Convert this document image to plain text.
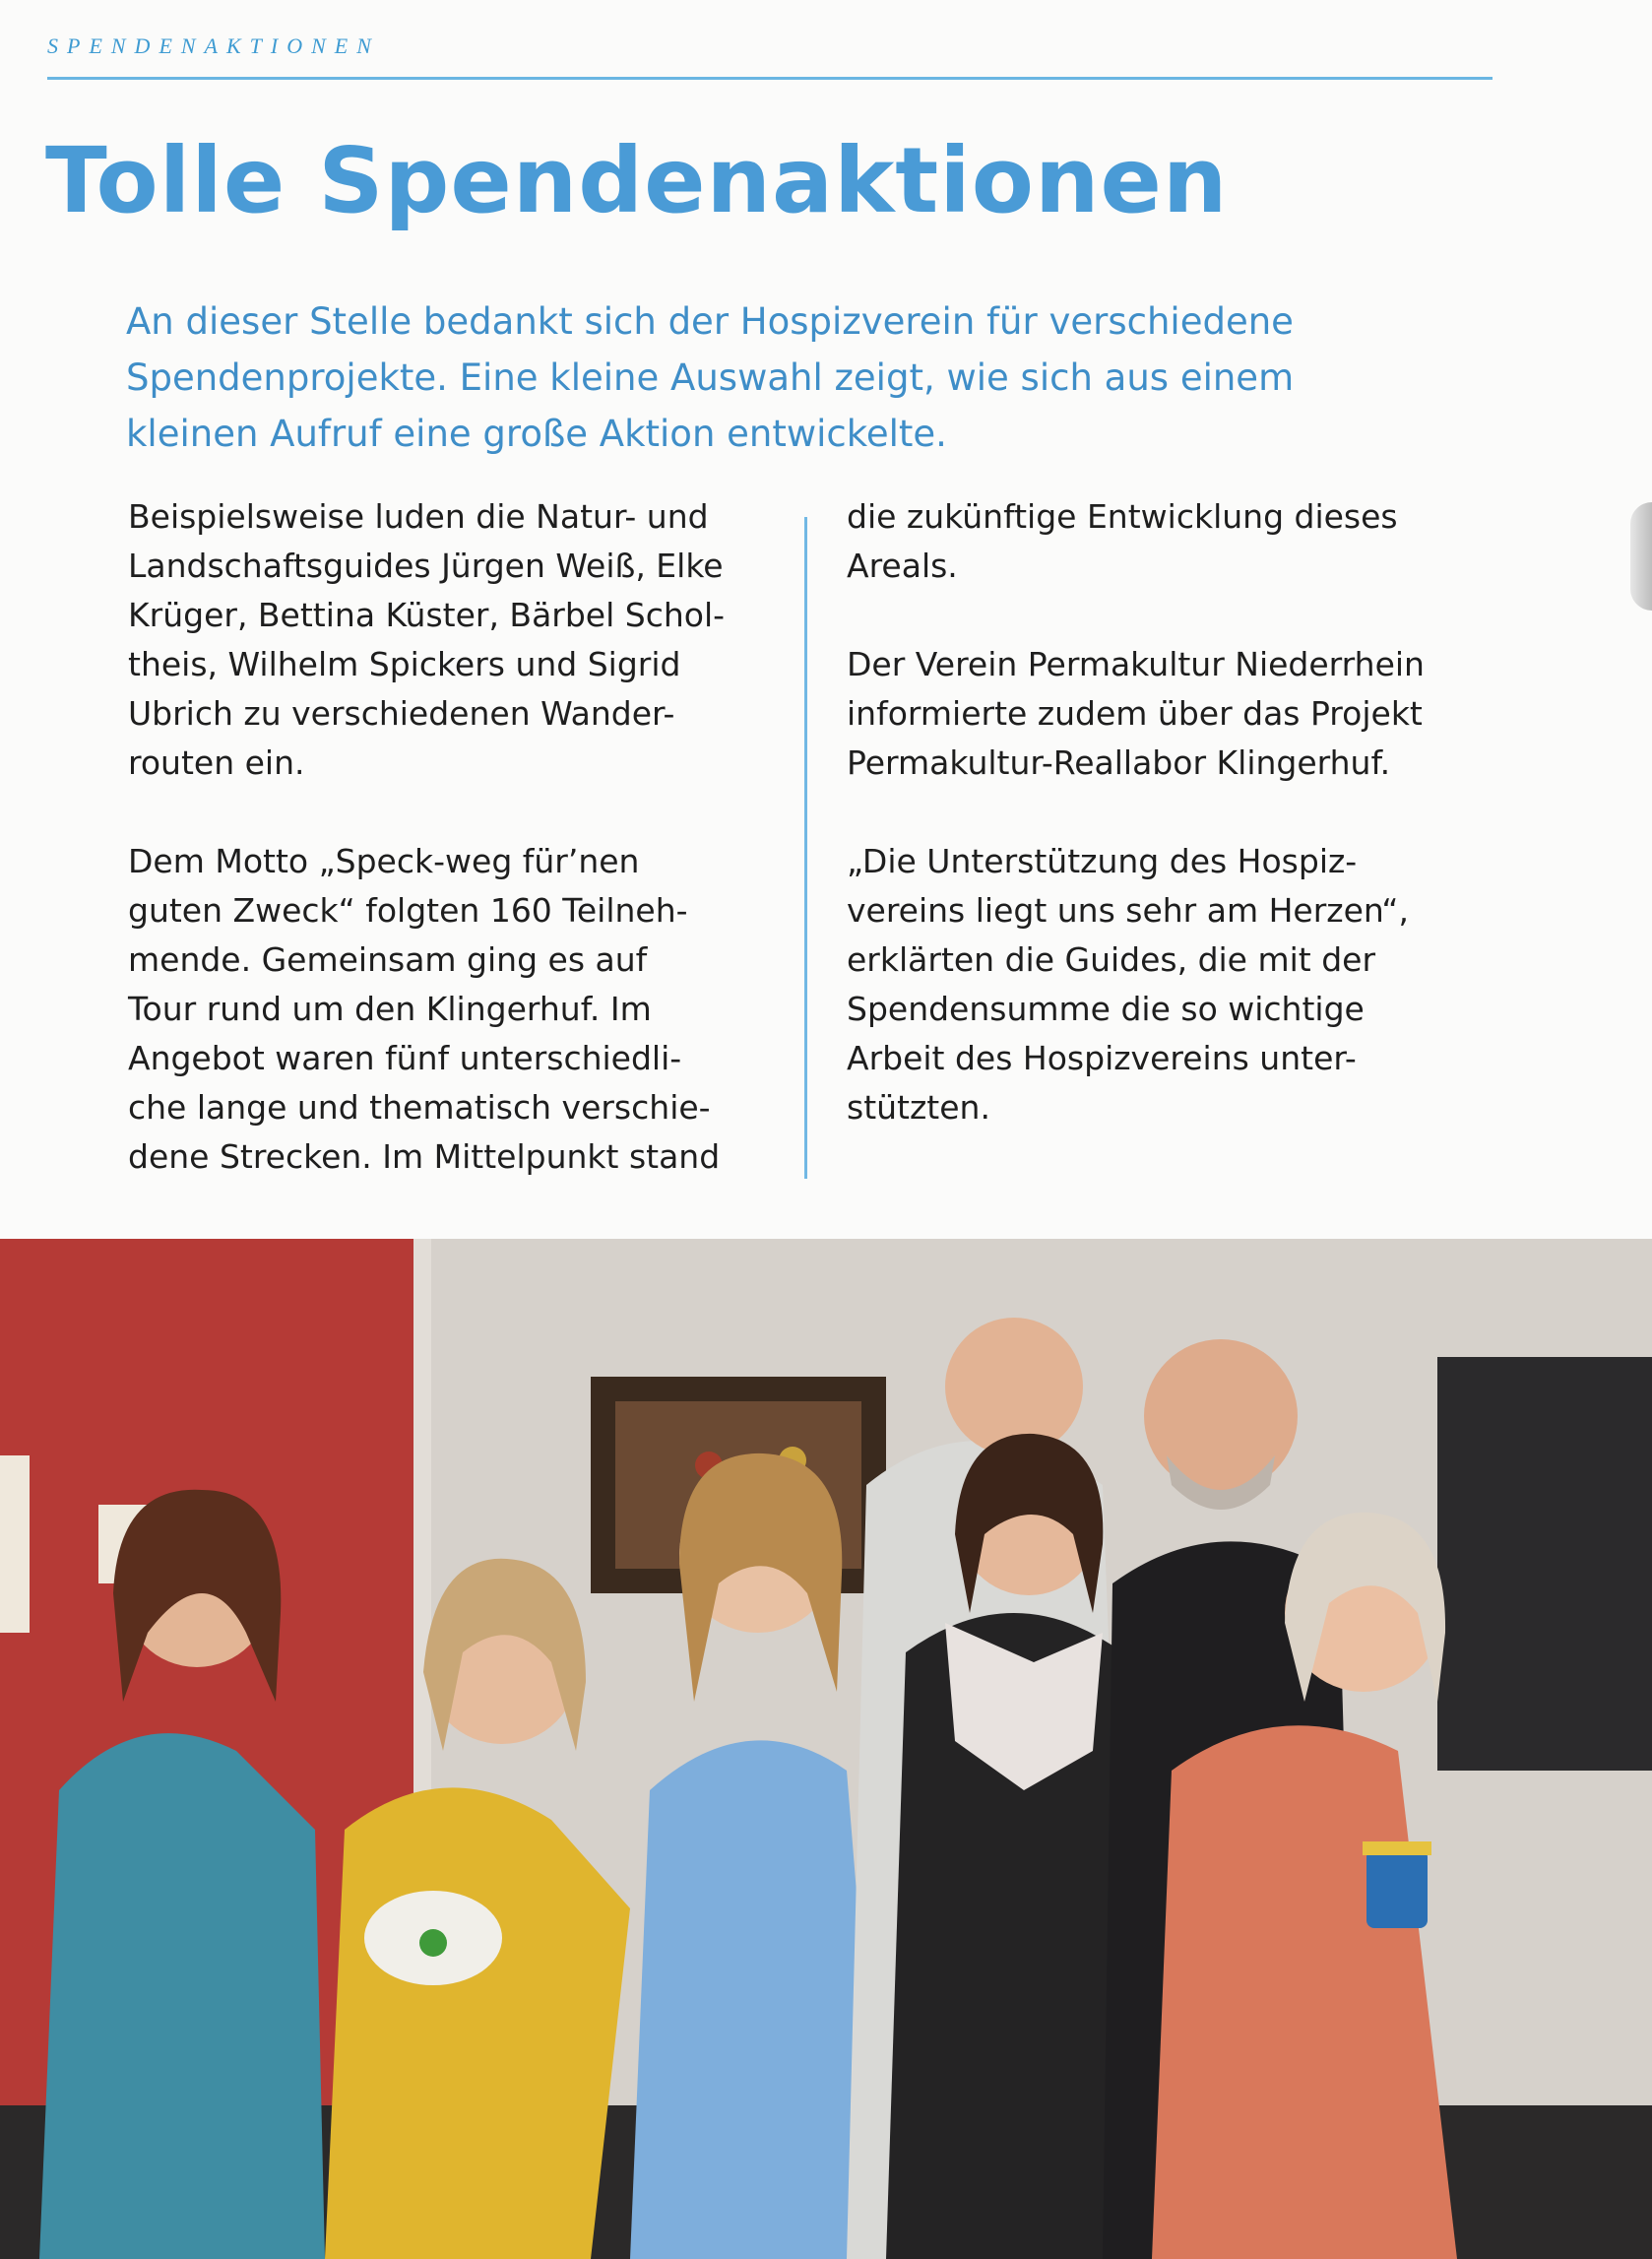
SPENDENAKTIONEN
Tolle Spendenaktionen

An dieser Stelle bedankt sich der Hospizverein für verschiedene
Spendenprojekte. Eine kleine Auswahl zeigt, wie sich aus einem
kleinen Aufruf eine große Aktion entwickelte.

Beispielsweise luden die Natur- und
Landschaftsguides Jürgen Weiß, Elke
Krüger, Bettina Küster, Bärbel Schol-
theis, Wilhelm Spickers und Sigrid
Ubrich zu verschiedenen Wander-
routen ein.

Dem Motto „Speck-weg für’nen
guten Zweck“ folgten 160 Teilneh-
mende. Gemeinsam ging es auf
Tour rund um den Klingerhuf. Im
Angebot waren fünf unterschiedli-
che lange und thematisch verschie-
dene Strecken. Im Mittelpunkt stand

die zukünftige Entwicklung dieses
Areals.

Der Verein Permakultur Niederrhein
informierte zudem über das Projekt
Permakultur-Reallabor Klingerhuf.

„Die Unterstützung des Hospiz-
vereins liegt uns sehr am Herzen“,
erklärten die Guides, die mit der
Spendensumme die so wichtige
Arbeit des Hospizvereins unter-
stützten.
